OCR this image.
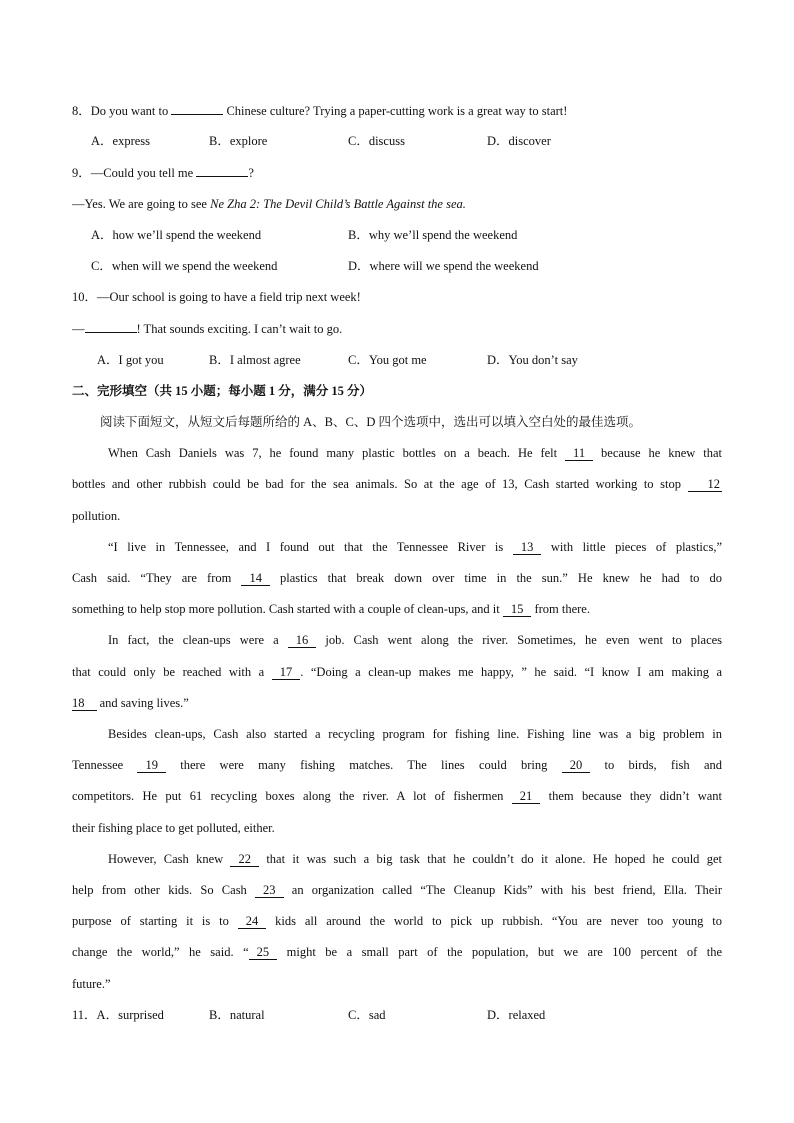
8．Do you want to	Chinese culture? Trying a paper-cutting work is a great way to start!
A．express	B．explore	C．discuss	D．discover
9．—Could you tell me	?
—Yes. We are going to see Ne Zha 2: The Devil Child’s Battle Against the sea.
A．how we’ll spend the weekend	B．why we’ll spend the weekend
C．when will we spend the weekend	D．where will we spend the weekend
10．—Our school is going to have a field trip next week!
—	! That sounds exciting. I can’t wait to go.
A．I got you	B．I almost agree	C．You got me	D．You don’t say
二、完形填空（共 15 小题；每小题 1 分，满分 15 分）
阅读下面短文，从短文后每题所给的 A、B、C、D 四个选项中，选出可以填入空白处的最佳选项。
When Cash Daniels was 7, he found many plastic bottles on a beach. He felt 11 because he knew that
bottles and other rubbish could be bad for the sea animals. So at the age of 13, Cash started working to stop 12
pollution.
“I live in Tennessee, and I found out that the Tennessee River is 13 with little pieces of plastics,”
Cash said. “They are from 14 plastics that break down over time in the sun.” He knew he had to do
something to help stop more pollution. Cash started with a couple of clean-ups, and it 15 from there.
In fact, the clean-ups were a 16 job. Cash went along the river. Sometimes, he even went to places
that could only be reached with a 17 . “Doing a clean-up makes me happy, ” he said. “I know I am making a
18 and saving lives.”
Besides clean-ups, Cash also started a recycling program for fishing line. Fishing line was a big problem in
Tennessee 19 there were many fishing matches. The lines could bring 20 to birds, fish and
competitors. He put 61 recycling boxes along the river. A lot of fishermen 21 them because they didn’t want
their fishing place to get polluted, either.
However, Cash knew 22 that it was such a big task that he couldn’t do it alone. He hoped he could get
help from other kids. So Cash 23 an organization called “The Cleanup Kids” with his best friend, Ella. Their
purpose of starting it is to 24 kids all around the world to pick up rubbish. “You are never too young to
change the world,” he said. “ 25 might be a small part of the population, but we are 100 percent of the
future.”
11．A．surprised	B．natural	C．sad	D．relaxed
